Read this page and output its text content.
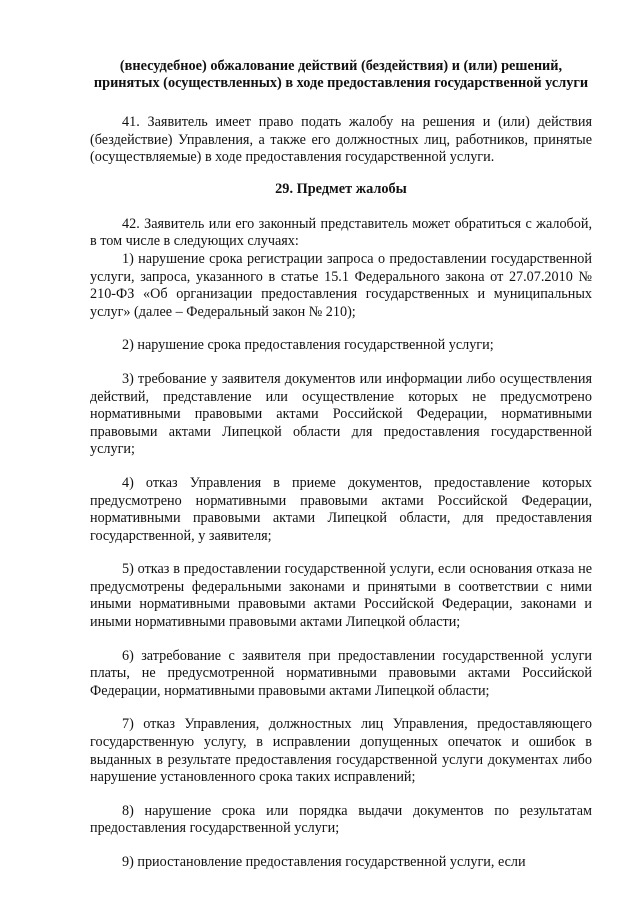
(внесудебное) обжалование действий (бездействия) и (или) решений, принятых (осуществленных) в ходе предоставления государственной услуги

41. Заявитель имеет право подать жалобу на решения и (или) действия (бездействие) Управления, а также его должностных лиц, работников, принятые (осуществляемые) в ходе предоставления государственной услуги.

29. Предмет жалобы

42. Заявитель или его законный представитель может обратиться с жалобой, в том числе в следующих случаях:

1) нарушение срока регистрации запроса о предоставлении государственной услуги, запроса, указанного в статье 15.1 Федерального закона от 27.07.2010 № 210-ФЗ «Об организации предоставления государственных и муниципальных услуг» (далее – Федеральный закон № 210);

2) нарушение срока предоставления государственной услуги;

3) требование у заявителя документов или информации либо осуществления действий, представление или осуществление которых не предусмотрено нормативными правовыми актами Российской Федерации, нормативными правовыми актами Липецкой области для предоставления государственной услуги;

4) отказ Управления в приеме документов, предоставление которых предусмотрено нормативными правовыми актами Российской Федерации, нормативными правовыми актами Липецкой области, для предоставления государственной, у заявителя;

5) отказ в предоставлении государственной услуги, если основания отказа не предусмотрены федеральными законами и принятыми в соответствии с ними иными нормативными правовыми актами Российской Федерации, законами и иными нормативными правовыми актами Липецкой области;

6) затребование с заявителя при предоставлении государственной услуги платы, не предусмотренной нормативными правовыми актами Российской Федерации, нормативными правовыми актами Липецкой области;

7) отказ Управления, должностных лиц Управления, предоставляющего государственную услугу, в исправлении допущенных опечаток и ошибок в выданных в результате предоставления государственной услуги документах либо нарушение установленного срока таких исправлений;

8) нарушение срока или порядка выдачи документов по результатам предоставления государственной услуги;

9) приостановление предоставления государственной услуги, если
